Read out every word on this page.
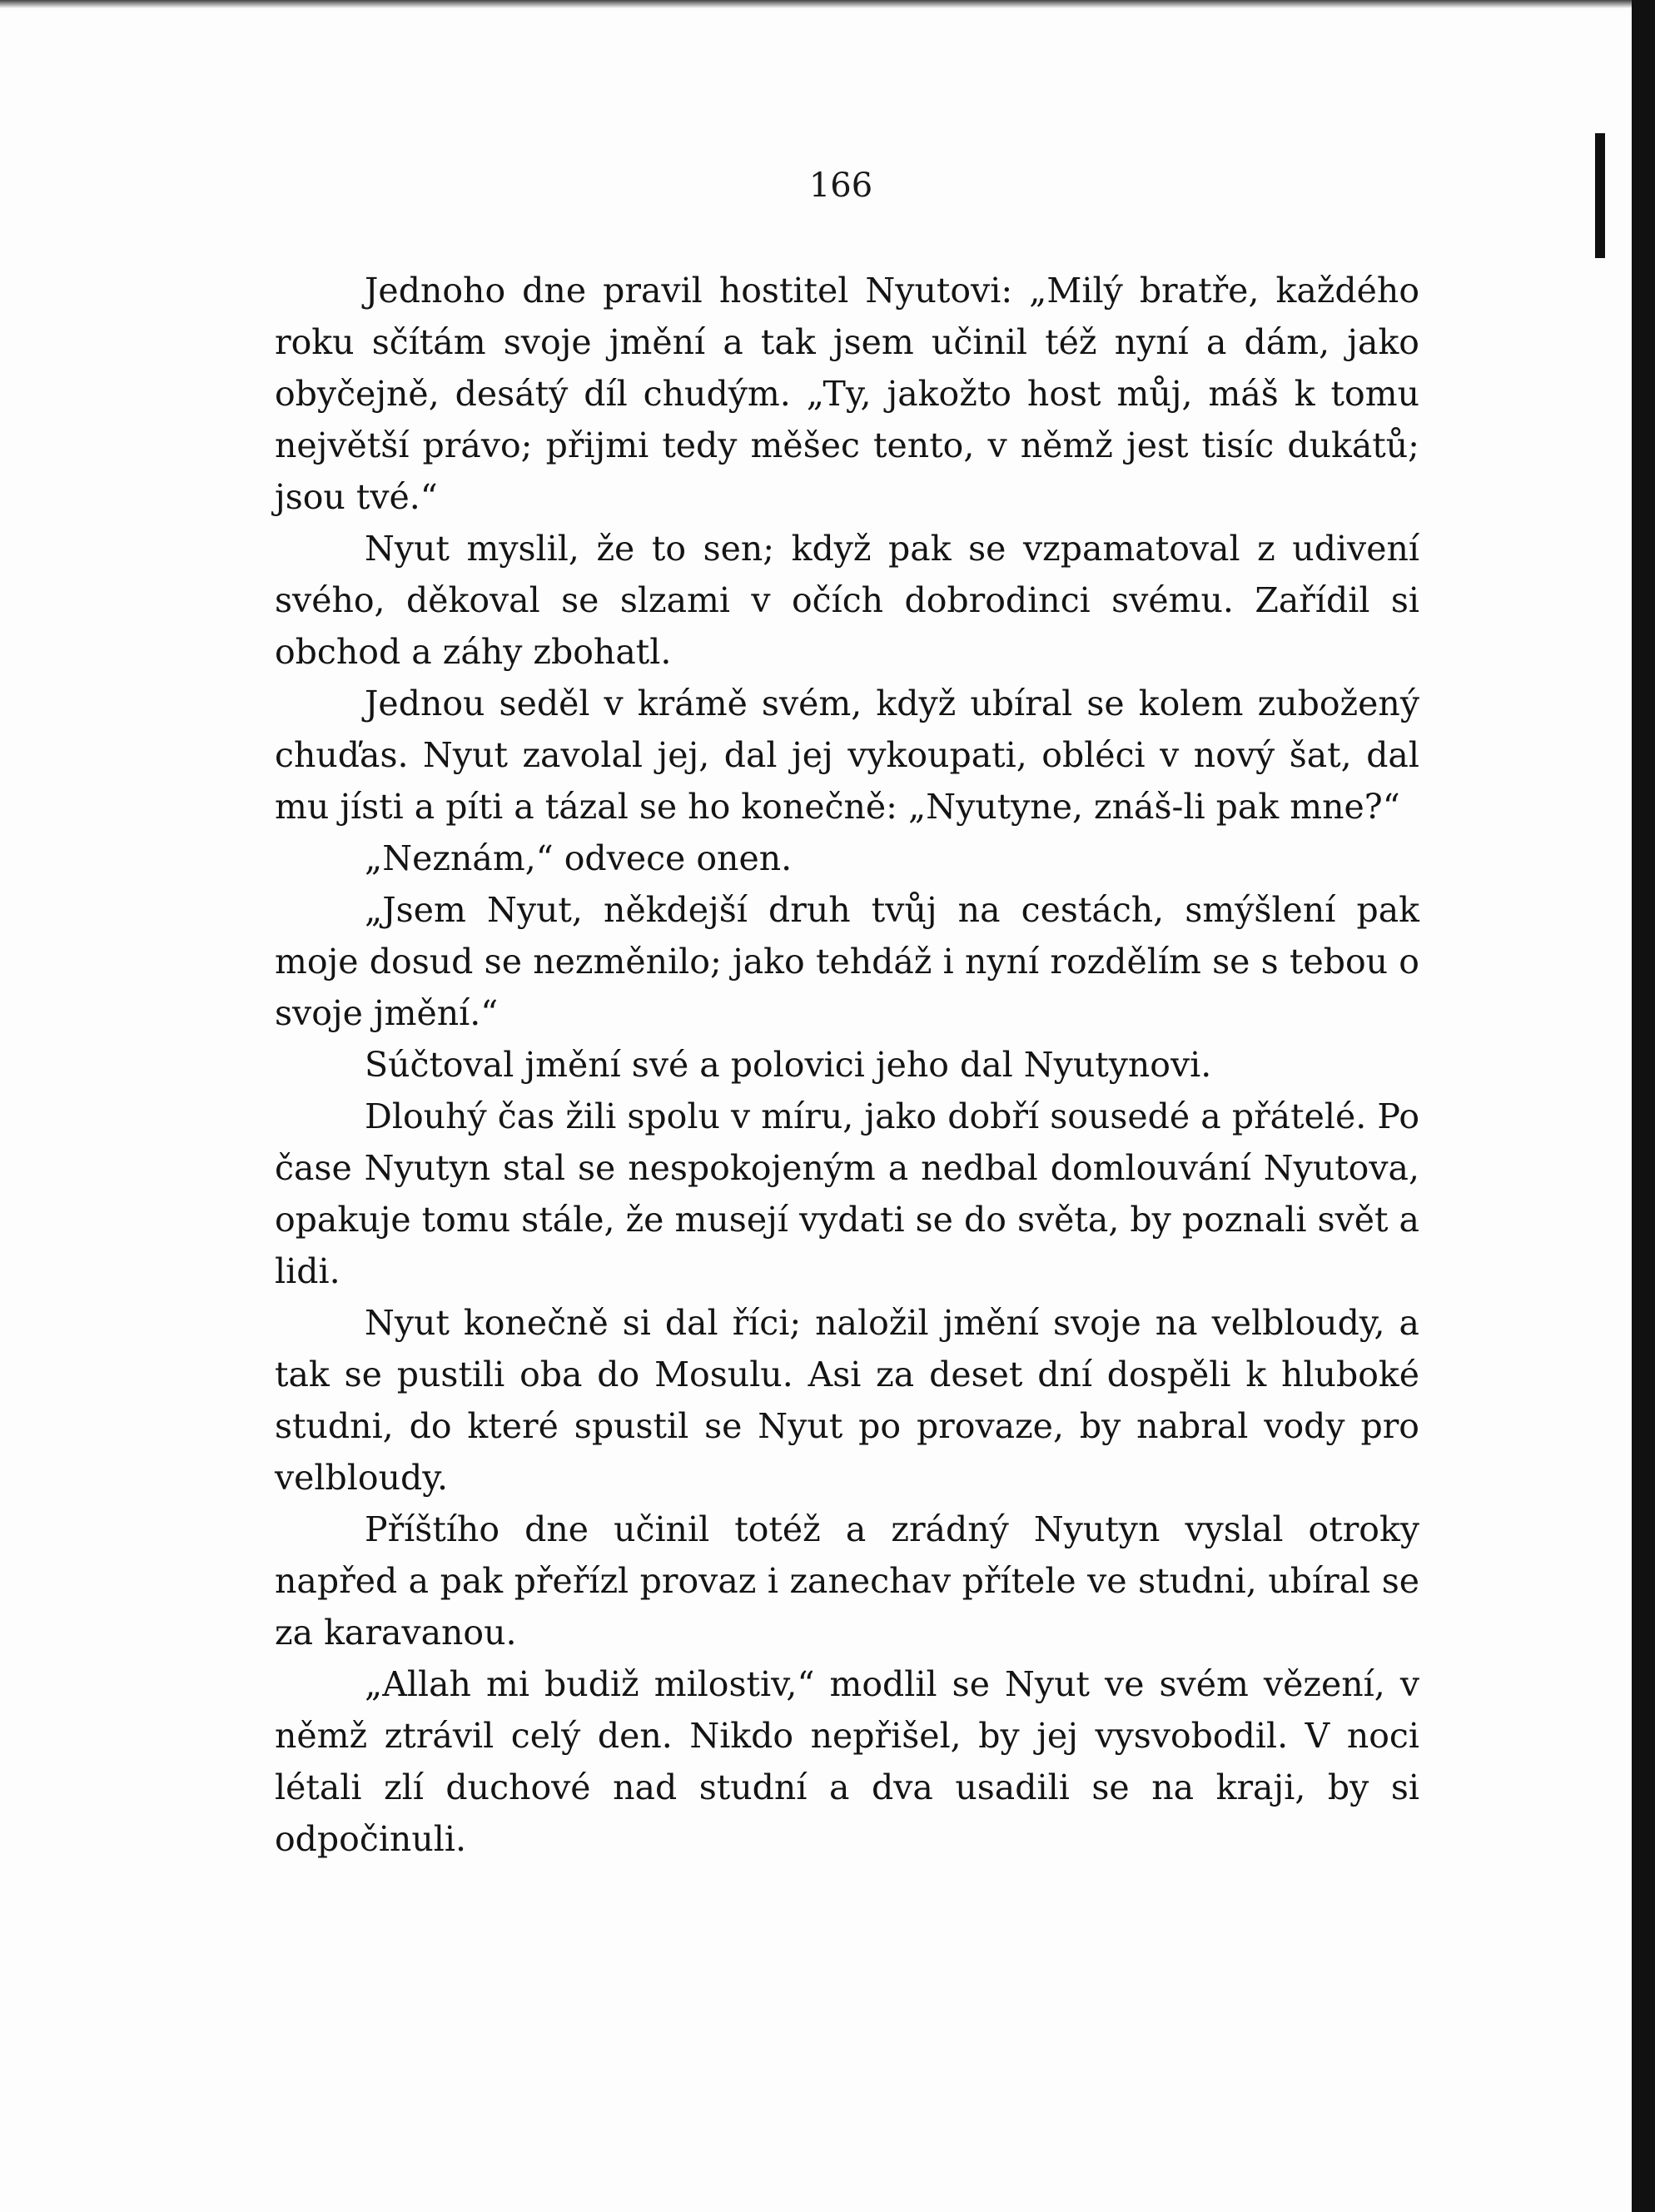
166

Jednoho dne pravil hostitel Nyutovi: „Milý bratře, každého roku sčítám svoje jmění a tak jsem učinil též nyní a dám, jako obyčejně, desátý díl chudým. „Ty, jakožto host můj, máš k tomu největší právo; přijmi tedy měšec tento, v němž jest tisíc dukátů; jsou tvé.“

Nyut myslil, že to sen; když pak se vzpamatoval z udivení svého, děkoval se slzami v očích dobrodinci svému. Zařídil si obchod a záhy zbohatl.

Jednou seděl v krámě svém, když ubíral se kolem zubožený chuďas. Nyut zavolal jej, dal jej vykoupati, obléci v nový šat, dal mu jísti a píti a tázal se ho konečně: „Nyutyne, znáš-li pak mne?“

„Neznám,“ odvece onen.

„Jsem Nyut, někdejší druh tvůj na cestách, smýšlení pak moje dosud se nezměnilo; jako tehdáž i nyní rozdělím se s tebou o svoje jmění.“

Súčtoval jmění své a polovici jeho dal Nyutynovi.

Dlouhý čas žili spolu v míru, jako dobří sousedé a přátelé. Po čase Nyutyn stal se nespokojeným a nedbal domlouvání Nyutova, opakuje tomu stále, že musejí vydati se do světa, by poznali svět a lidi.

Nyut konečně si dal říci; naložil jmění svoje na velbloudy, a tak se pustili oba do Mosulu. Asi za deset dní dospěli k hluboké studni, do které spustil se Nyut po provaze, by nabral vody pro velbloudy.

Příštího dne učinil totéž a zrádný Nyutyn vyslal otroky napřed a pak přeřízl provaz i zanechav přítele ve studni, ubíral se za karavanou.

„Allah mi budiž milostiv,“ modlil se Nyut ve svém vězení, v němž ztrávil celý den. Nikdo nepřišel, by jej vysvobodil. V noci létali zlí duchové nad studní a dva usadili se na kraji, by si odpočinuli.
